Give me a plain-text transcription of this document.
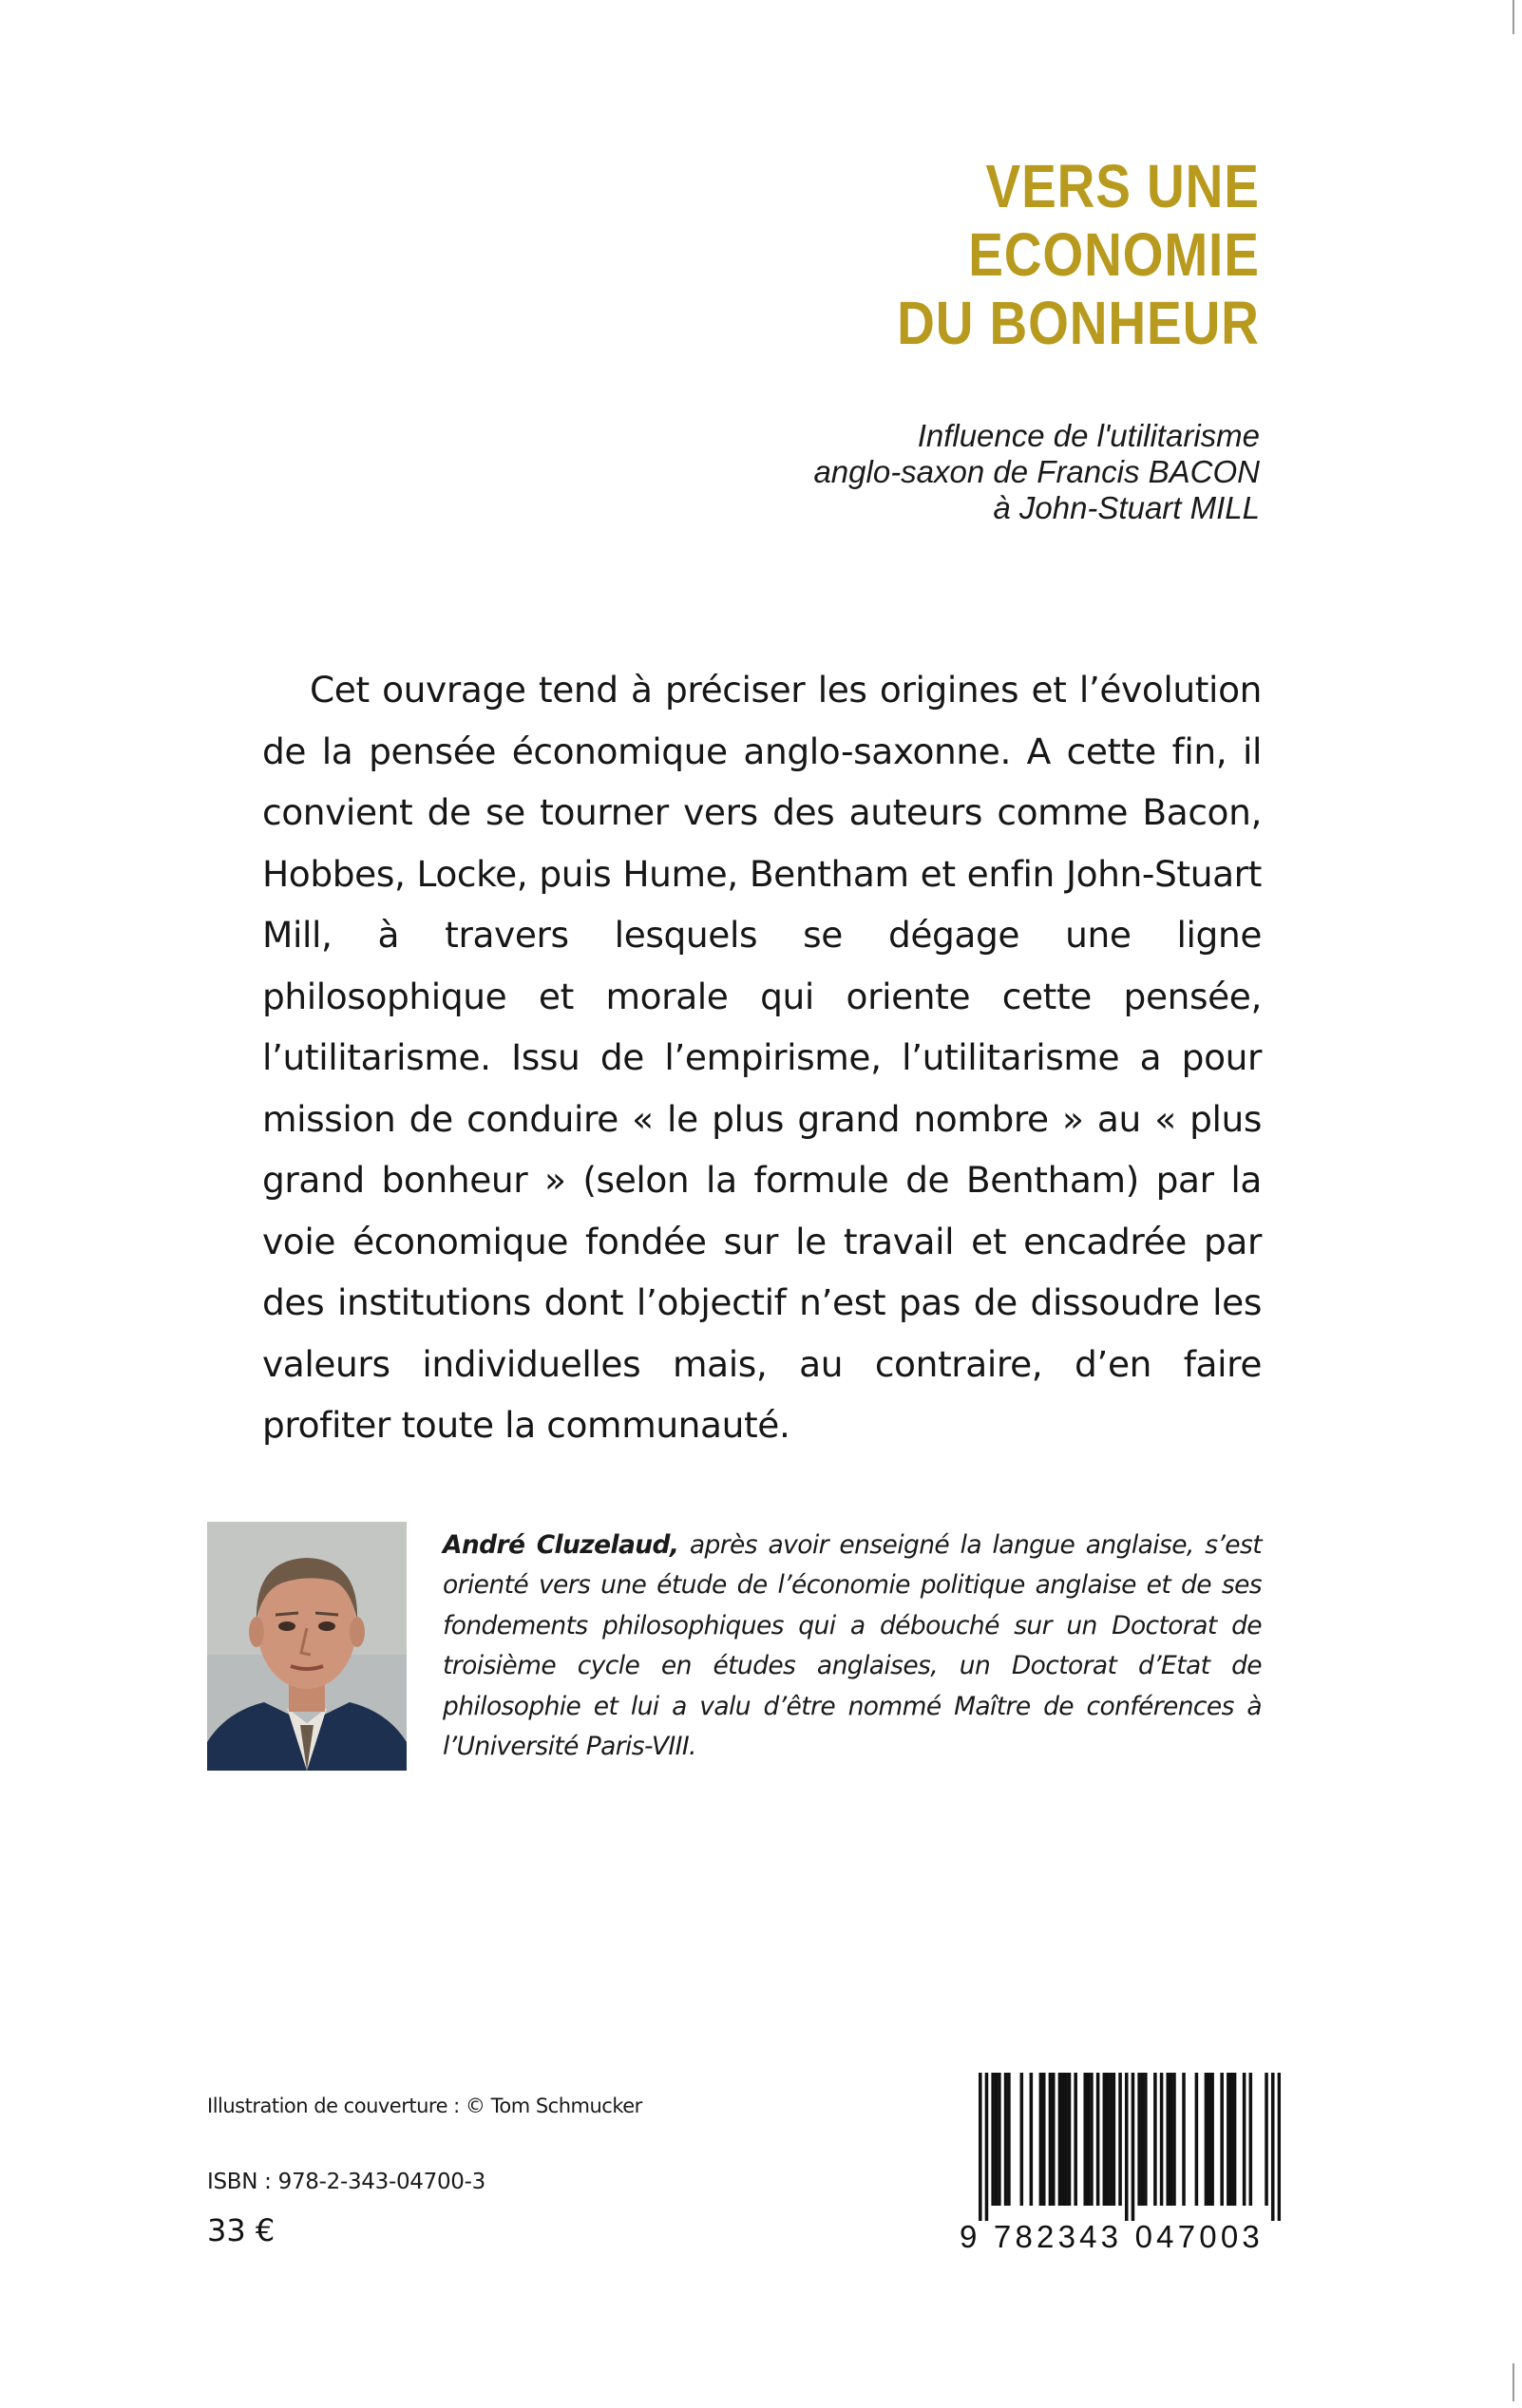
VERS UNE
ECONOMIE
DU BONHEUR
Influence de l'utilitarisme
anglo-saxon de Francis BACON
à John-Stuart MILL

Cet ouvrage tend à préciser les origines et l’évolution de la pensée économique anglo-saxonne. A cette fin, il convient de se tourner vers des auteurs comme Bacon, Hobbes, Locke, puis Hume, Bentham et enfin John-Stuart Mill, à travers lesquels se dégage une ligne philosophique et morale qui oriente cette pensée, l’utilitarisme. Issu de l’empirisme, l’utilitarisme a pour mission de conduire « le plus grand nombre » au « plus grand bonheur » (selon la formule de Bentham) par la voie économique fondée sur le travail et encadrée par des institutions dont l’objectif n’est pas de dissoudre les valeurs individuelles mais, au contraire, d’en faire profiter toute la communauté.

André Cluzelaud, après avoir enseigné la langue anglaise, s’est orienté vers une étude de l’économie politique anglaise et de ses fondements philosophiques qui a débouché sur un Doctorat de troisième cycle en études anglaises, un Doctorat d’Etat de philosophie et lui a valu d’être nommé Maître de conférences à l’Université Paris-VIII.

Illustration de couverture : © Tom Schmucker
ISBN : 978-2-343-04700-3
33 €	9 782343 047003
